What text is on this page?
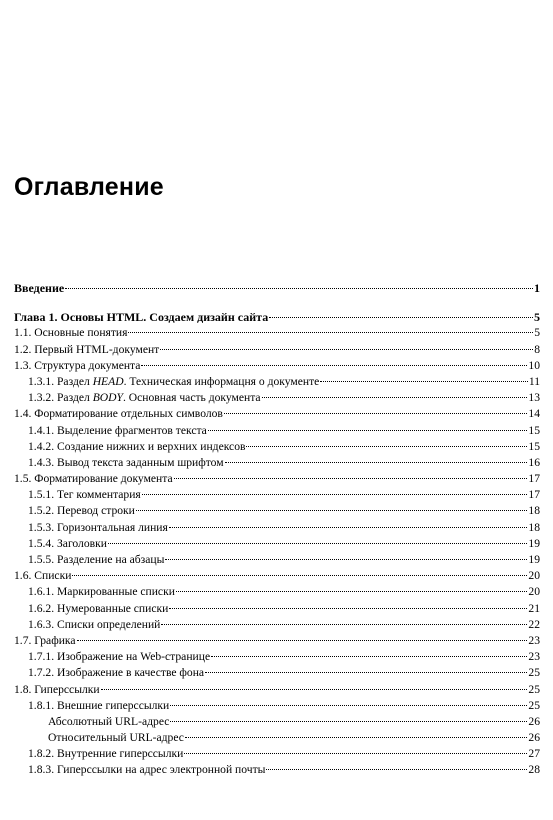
Оглавление
Введение	1
Глава 1. Основы HTML. Создаем дизайн сайта	5
1.1. Основные понятия	5
1.2. Первый HTML-документ	8
1.3. Структура документа	10
1.3.1. Раздел HEAD. Техническая информацня о документе	11
1.3.2. Раздел BODY. Основная часть документа	13
1.4. Форматирование отдельных символов	14
1.4.1. Выделение фрагментов текста	15
1.4.2. Создание нижних и верхних индексов	15
1.4.3. Вывод текста заданным шрифтом	16
1.5. Форматирование документа	17
1.5.1. Тег комментария	17
1.5.2. Перевод строки	18
1.5.3. Горизонтальная линия	18
1.5.4. Заголовки	19
1.5.5. Разделение на абзацы	19
1.6. Списки	20
1.6.1. Маркированные списки	20
1.6.2. Нумерованные списки	21
1.6.3. Списки определений	22
1.7. Графика	23
1.7.1. Изображение на Web-странице	23
1.7.2. Изображение в качестве фона	25
1.8. Гиперссылки	25
1.8.1. Внешние гиперссылки	25
Абсолютный URL-адрес	26
Относительный URL-адрес	26
1.8.2. Внутренние гиперссылки	27
1.8.3. Гиперссылки на адрес электронной почты	28
